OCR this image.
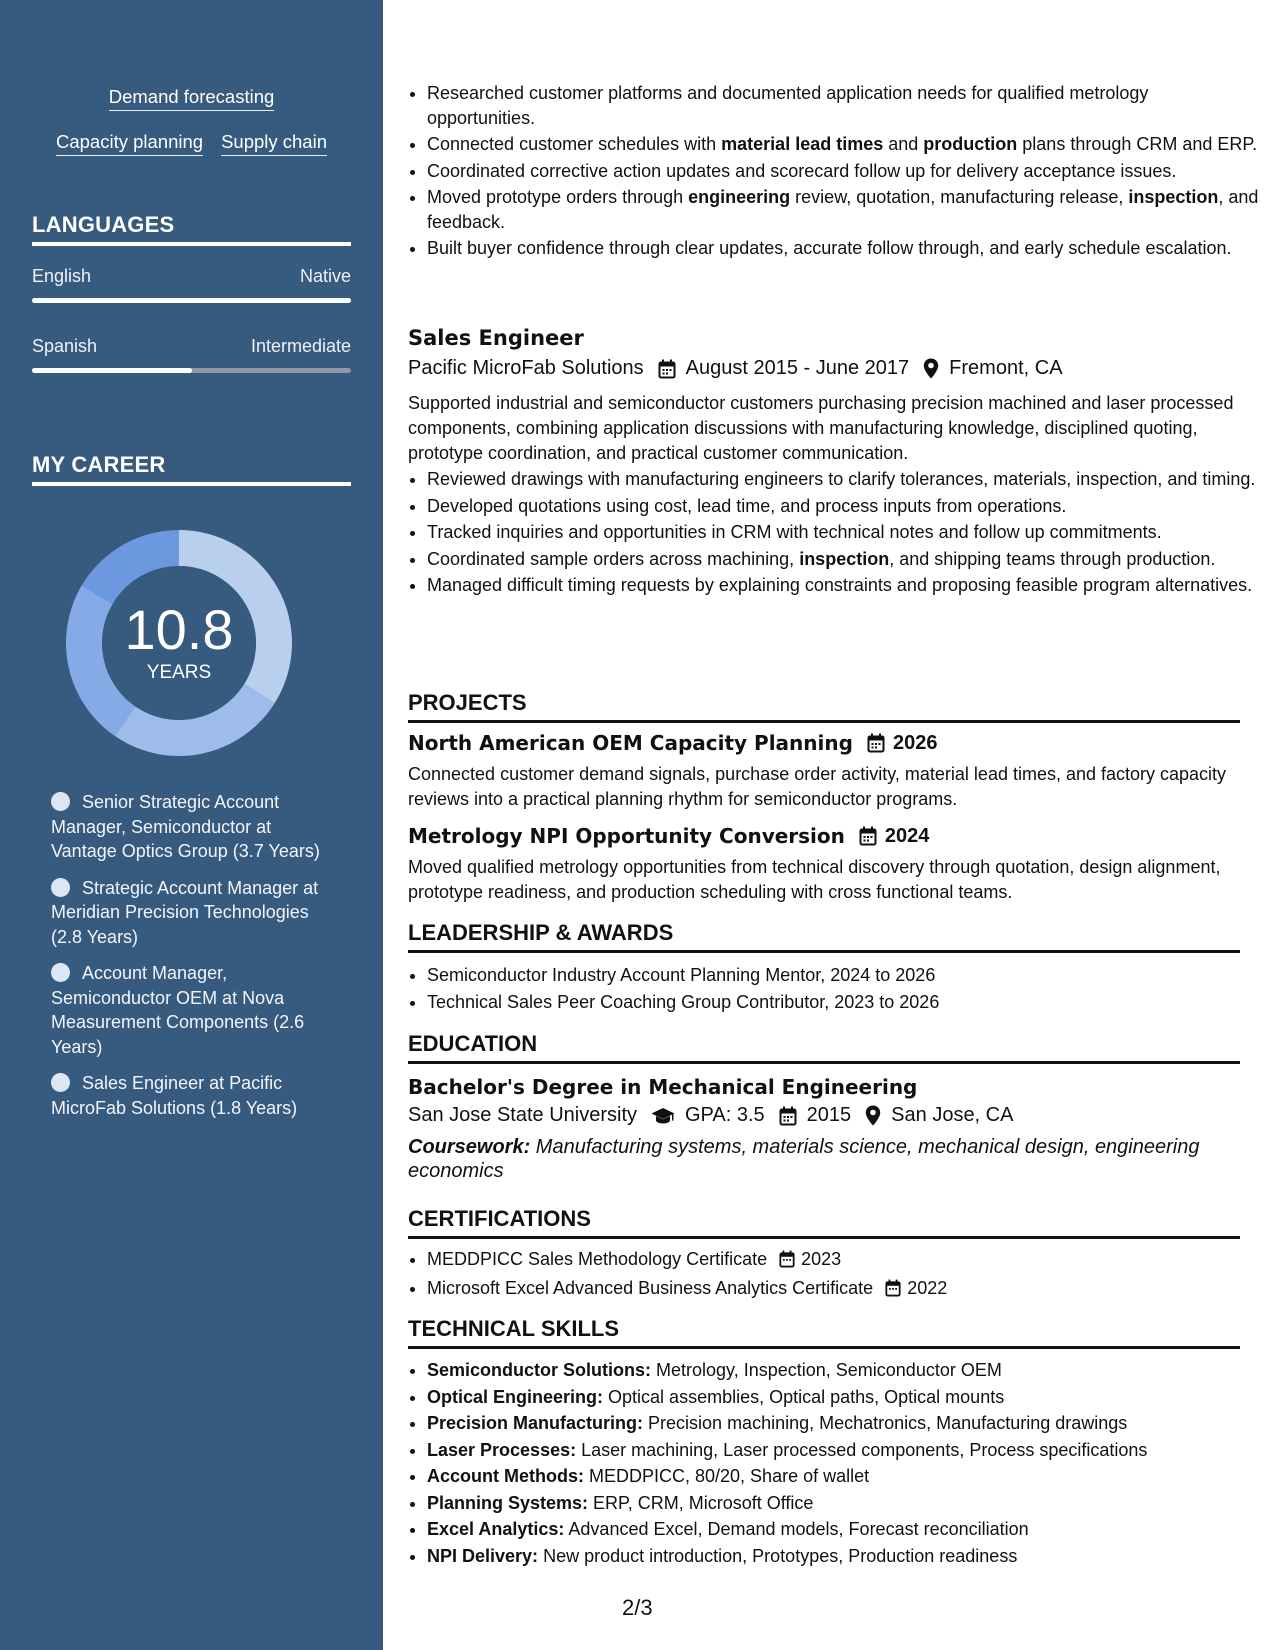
Demand forecasting
Capacity planning Supply chain
LANGUAGES
English	Native
Spanish	Intermediate
MY CAREER
10.8
YEARS
Senior Strategic Account Manager, Semiconductor at Vantage Optics Group (3.7 Years)
Strategic Account Manager at Meridian Precision Technologies (2.8 Years)
Account Manager, Semiconductor OEM at Nova Measurement Components (2.6 Years)
Sales Engineer at Pacific MicroFab Solutions (1.8 Years)
• Researched customer platforms and documented application needs for qualified metrology opportunities.
• Connected customer schedules with material lead times and production plans through CRM and ERP.
• Coordinated corrective action updates and scorecard follow up for delivery acceptance issues.
• Moved prototype orders through engineering review, quotation, manufacturing release, inspection, and feedback.
• Built buyer confidence through clear updates, accurate follow through, and early schedule escalation.
Sales Engineer
Pacific MicroFab Solutions August 2015 - June 2017 Fremont, CA
Supported industrial and semiconductor customers purchasing precision machined and laser processed components, combining application discussions with manufacturing knowledge, disciplined quoting, prototype coordination, and practical customer communication.
• Reviewed drawings with manufacturing engineers to clarify tolerances, materials, inspection, and timing.
• Developed quotations using cost, lead time, and process inputs from operations.
• Tracked inquiries and opportunities in CRM with technical notes and follow up commitments.
• Coordinated sample orders across machining, inspection, and shipping teams through production.
• Managed difficult timing requests by explaining constraints and proposing feasible program alternatives.
PROJECTS
North American OEM Capacity Planning 2026
Connected customer demand signals, purchase order activity, material lead times, and factory capacity reviews into a practical planning rhythm for semiconductor programs.
Metrology NPI Opportunity Conversion 2024
Moved qualified metrology opportunities from technical discovery through quotation, design alignment, prototype readiness, and production scheduling with cross functional teams.
LEADERSHIP & AWARDS
• Semiconductor Industry Account Planning Mentor, 2024 to 2026
• Technical Sales Peer Coaching Group Contributor, 2023 to 2026
EDUCATION
Bachelor's Degree in Mechanical Engineering
San Jose State University GPA: 3.5 2015 San Jose, CA
Coursework: Manufacturing systems, materials science, mechanical design, engineering economics
CERTIFICATIONS
• MEDDPICC Sales Methodology Certificate 2023
• Microsoft Excel Advanced Business Analytics Certificate 2022
TECHNICAL SKILLS
• Semiconductor Solutions: Metrology, Inspection, Semiconductor OEM
• Optical Engineering: Optical assemblies, Optical paths, Optical mounts
• Precision Manufacturing: Precision machining, Mechatronics, Manufacturing drawings
• Laser Processes: Laser machining, Laser processed components, Process specifications
• Account Methods: MEDDPICC, 80/20, Share of wallet
• Planning Systems: ERP, CRM, Microsoft Office
• Excel Analytics: Advanced Excel, Demand models, Forecast reconciliation
• NPI Delivery: New product introduction, Prototypes, Production readiness
2/3
